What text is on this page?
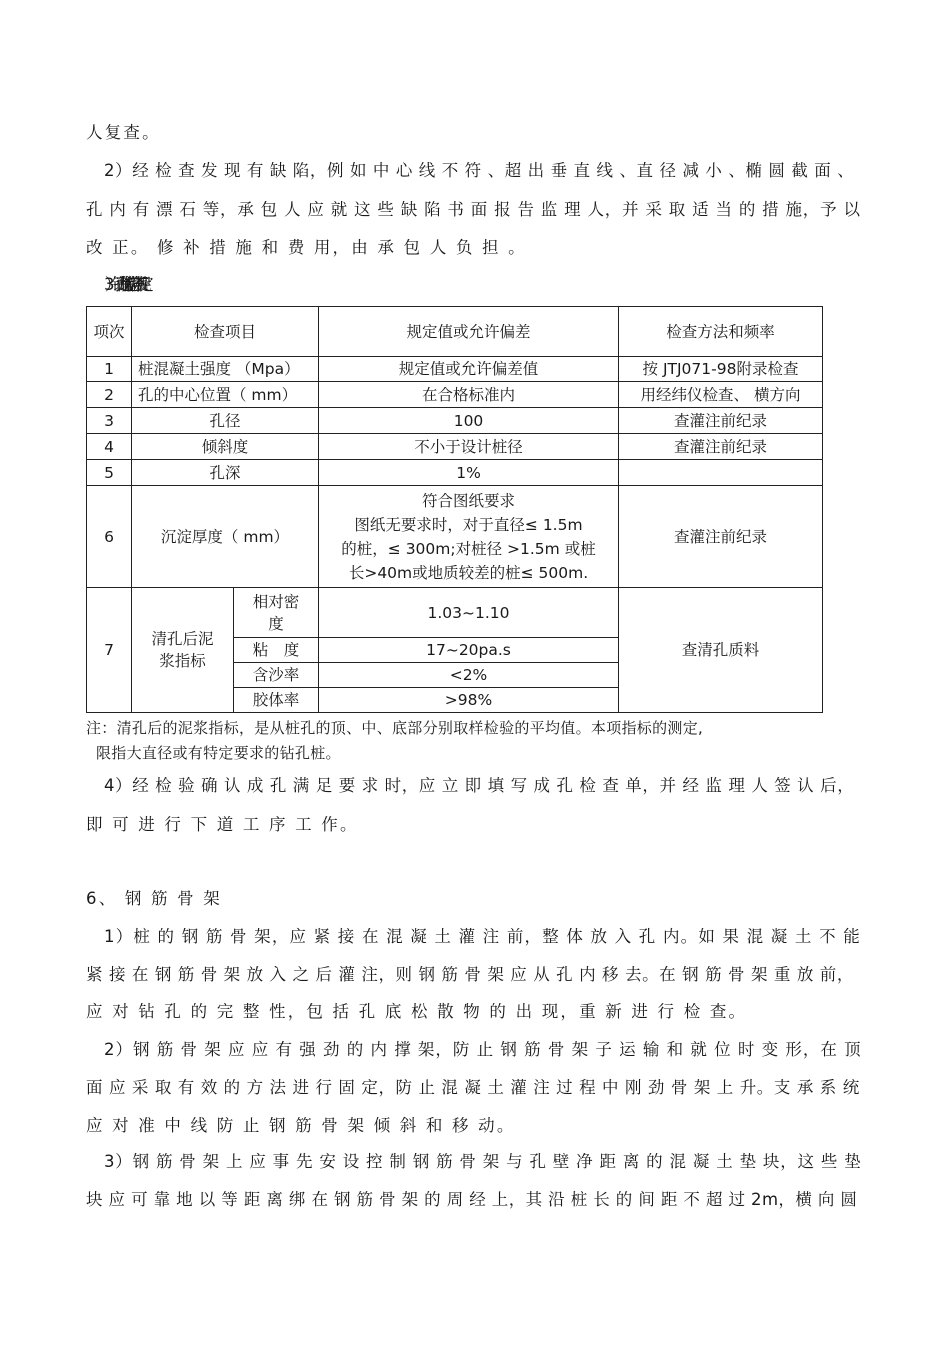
人复查。
2）经 检 查 发 现 有 缺 陷，例 如 中 心 线 不 符 、超 出 垂 直 线 、直 径 减 小 、椭 圆 截 面 、
孔 内 有 漂 石 等，承 包 人 应 就 这 些 缺 陷 书 面 报 告 监 理 人，并 采 取 适 当 的 措 施，予 以
改 正。 修 补 措 施 和 费 用，由 承 包 人 负 担 。
3）钻 孔 允 许 偏 差 应 符 合 下 表 规 定
项次	检查项目		规定值或允许偏差	检查方法和频率
1	桩混凝土强度 （Mpa）		规定值或允许偏差值	按 JTJ071-98附录检查
2	孔的中心位置（ mm）		在合格标准内	用经纬仪检查、 横方向
3	孔径		100	查灌注前纪录
4	倾斜度		不小于设计桩径	查灌注前纪录
5	孔深		1%	
6	沉淀厚度（ mm）		符合图纸要求
图纸无要求时，对于直径≤ 1.5m
的桩，≤ 300m;对桩径 >1.5m 或桩
长>40m或地质较差的桩≤ 500m.	查灌注前纪录
7	清孔后泥
浆指标	相对密度	1.03~1.10	查清孔质料
		粘　度	17~20pa.s	
		含沙率	<2%	
		胶体率	>98%	
注：清孔后的泥浆指标，是从桩孔的顶、中、底部分别取样检验的平均值。本项指标的测定,
限指大直径或有特定要求的钻孔桩。
4）经 检 验 确 认 成 孔 满 足 要 求 时，应 立 即 填 写 成 孔 检 查 单，并 经 监 理 人 签 认 后，
即 可 进 行 下 道 工 序 工 作。
6、 钢 筋 骨 架
1）桩 的 钢 筋 骨 架，应 紧 接 在 混 凝 土 灌 注 前，整 体 放 入 孔 内。如 果 混 凝 土 不 能
紧 接 在 钢 筋 骨 架 放 入 之 后 灌 注，则 钢 筋 骨 架 应 从 孔 内 移 去。在 钢 筋 骨 架 重 放 前，
应 对 钻 孔 的 完 整 性，包 括 孔 底 松 散 物 的 出 现，重 新 进 行 检 查。
2）钢 筋 骨 架 应 应 有 强 劲 的 内 撑 架，防 止 钢 筋 骨 架 子 运 输 和 就 位 时 变 形，在 顶
面 应 采 取 有 效 的 方 法 进 行 固 定，防 止 混 凝 土 灌 注 过 程 中 刚 劲 骨 架 上 升。支 承 系 统
应 对 准 中 线 防 止 钢 筋 骨 架 倾 斜 和 移 动。
3）钢 筋 骨 架 上 应 事 先 安 设 控 制 钢 筋 骨 架 与 孔 壁 净 距 离 的 混 凝 土 垫 块，这 些 垫
块 应 可 靠 地 以 等 距 离 绑 在 钢 筋 骨 架 的 周 经 上，其 沿 桩 长 的 间 距 不 超 过 2m，横 向 圆
